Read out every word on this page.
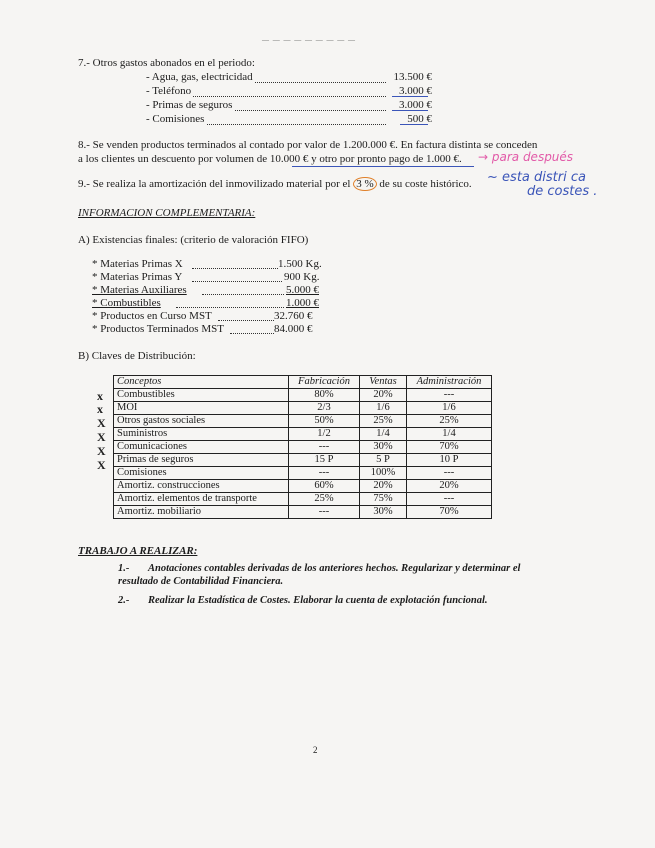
— — — — — — — — —
7.- Otros gastos abonados en el periodo:
- Agua, gas, electricidad	13.500 €
- Teléfono	3.000 €
- Primas de seguros	3.000 €
- Comisiones	500 €
8.- Se venden productos terminados al contado por valor de 1.200.000 €. En factura distinta se conceden
a los clientes un descuento por volumen de 10.000 € y otro por pronto pago de 1.000 €. → para después
9.- Se realiza la amortización del inmovilizado material por el 3 % de su coste histórico. ~ esta distri ca
de costes .
INFORMACION COMPLEMENTARIA:
A) Existencias finales: (criterio de valoración FIFO)
* Materias Primas X	1.500 Kg.
* Materias Primas Y	900 Kg.
* Materias Auxiliares	5.000 €
* Combustibles	1.000 €
* Productos en Curso MST	32.760 €
* Productos Terminados MST	84.000 €
B) Claves de Distribución:
Conceptos	Fabricación	Ventas	Administración
Combustibles	80%	20%	---
MOI	2/3	1/6	1/6
Otros gastos sociales	50%	25%	25%
Suministros	1/2	1/4	1/4
Comunicaciones	---	30%	70%
Primas de seguros	15 P	5 P	10 P
Comisiones	---	100%	---
Amortiz. construcciones	60%	20%	20%
Amortiz. elementos de transporte	25%	75%	---
Amortiz. mobiliario	---	30%	70%
x
x
X
X
X
X
TRABAJO A REALIZAR:
1.- Anotaciones contables derivadas de los anteriores hechos. Regularizar y determinar el
resultado de Contabilidad Financiera.
2.- Realizar la Estadística de Costes. Elaborar la cuenta de explotación funcional.
2
